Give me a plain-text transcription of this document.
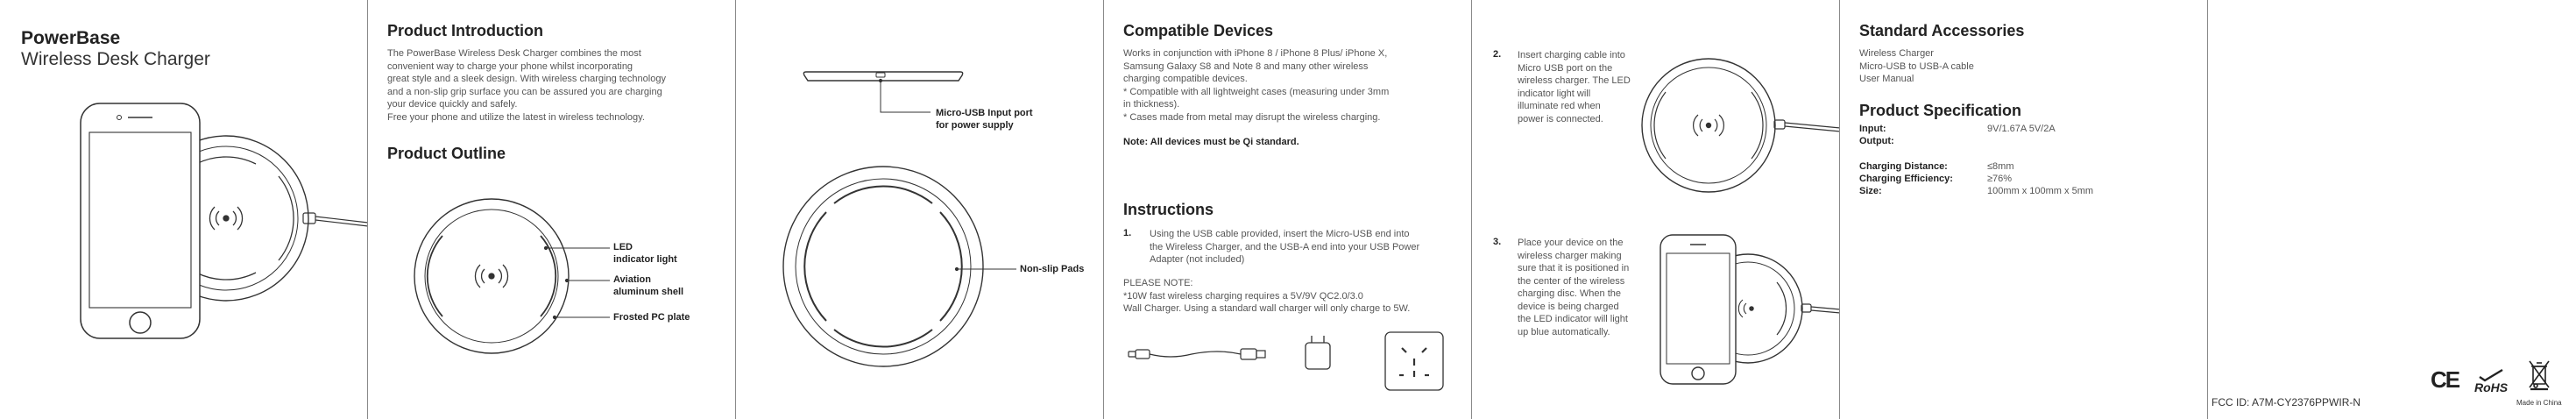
PowerBase
Wireless Desk Charger
Product Introduction
The PowerBase Wireless Desk Charger combines the most
convenient way to charge your phone whilst incorporating
great style and a sleek design. With wireless charging technology
and a non-slip grip surface you can be assured you are charging
your device quickly and safely.
Free your phone and utilize the latest in wireless technology.
Product Outline
LED
indicator light
Aviation
aluminum shell
Frosted PC plate
Micro-USB Input port
for power supply
Non-slip Pads
Compatible Devices
Works in conjunction with iPhone 8 / iPhone 8 Plus/ iPhone X,
Samsung Galaxy S8 and Note 8 and many other wireless
charging compatible devices.
* Compatible with all lightweight cases (measuring under 3mm
in thickness).
* Cases made from metal may disrupt the wireless charging.
Note: All devices must be Qi standard.
Instructions
1. Using the USB cable provided, insert the Micro-USB end into
the Wireless Charger, and the USB-A end into your USB Power
Adapter (not included)
PLEASE NOTE:
*10W fast wireless charging requires a 5V/9V QC2.0/3.0
Wall Charger. Using a standard wall charger will only charge to 5W.
2. Insert charging cable into
Micro USB port on the
wireless charger. The LED
indicator light will
illuminate red when
power is connected.
3. Place your device on the
wireless charger making
sure that it is positioned in
the center of the wireless
charging disc. When the
device is being charged
the LED indicator will light
up blue automatically.
Standard Accessories
Wireless Charger
Micro-USB to USB-A cable
User Manual
Product Specification
Input:	9V/1.67A 5V/2A
Output:
Charging Distance:	≤8mm
Charging Efficiency:	≥76%
Size:	100mm x 100mm x 5mm
FCC ID: A7M-CY2376PPWIR-N
CE RoHS
Made in China
